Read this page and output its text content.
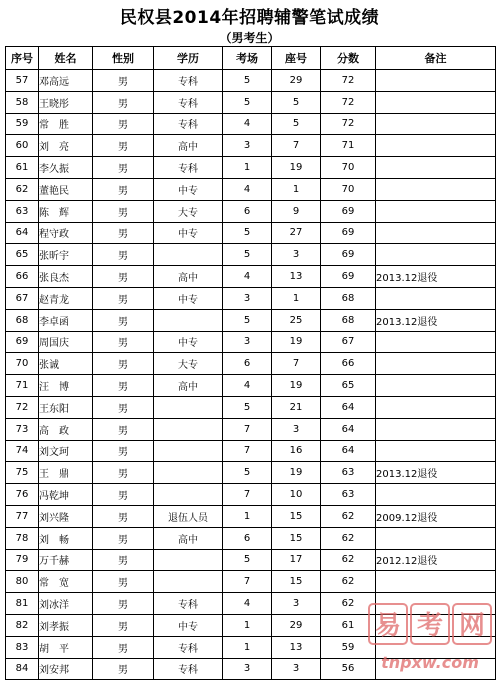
民权县2014年招聘辅警笔试成绩
（男考生）
序号	姓名	性别	学历	考场	座号	分数	备注
57	邓高远	男	专科	5	29	72	
58	王晓彤	男	专科	5	5	72	
59	常　胜	男	专科	4	5	72	
60	刘　亮	男	高中	3	7	71	
61	李久振	男	专科	1	19	70	
62	董艳民	男	中专	4	1	70	
63	陈　辉	男	大专	6	9	69	
64	程守政	男	中专	5	27	69	
65	张昕宇	男		5	3	69	
66	张良杰	男	高中	4	13	69	2013.12退役
67	赵青龙	男	中专	3	1	68	
68	李卓函	男		5	25	68	2013.12退役
69	周国庆	男	中专	3	19	67	
70	张诚	男	大专	6	7	66	
71	汪　博	男	高中	4	19	65	
72	王东阳	男		5	21	64	
73	高　政	男		7	3	64	
74	刘文珂	男		7	16	64	
75	王　鼎	男		5	19	63	2013.12退役
76	冯乾坤	男		7	10	63	
77	刘兴隆	男	退伍人员	1	15	62	2009.12退役
78	刘　畅	男	高中	6	15	62	
79	万千赫	男		5	17	62	2012.12退役
80	常　宽	男		7	15	62	
81	刘冰洋	男	专科	4	3	62	
82	刘孝振	男	中专	1	29	61	
83	胡　平	男	专科	1	13	59	
84	刘安邦	男	专科	3	3	56	
易 考 网
tnpxw.com
